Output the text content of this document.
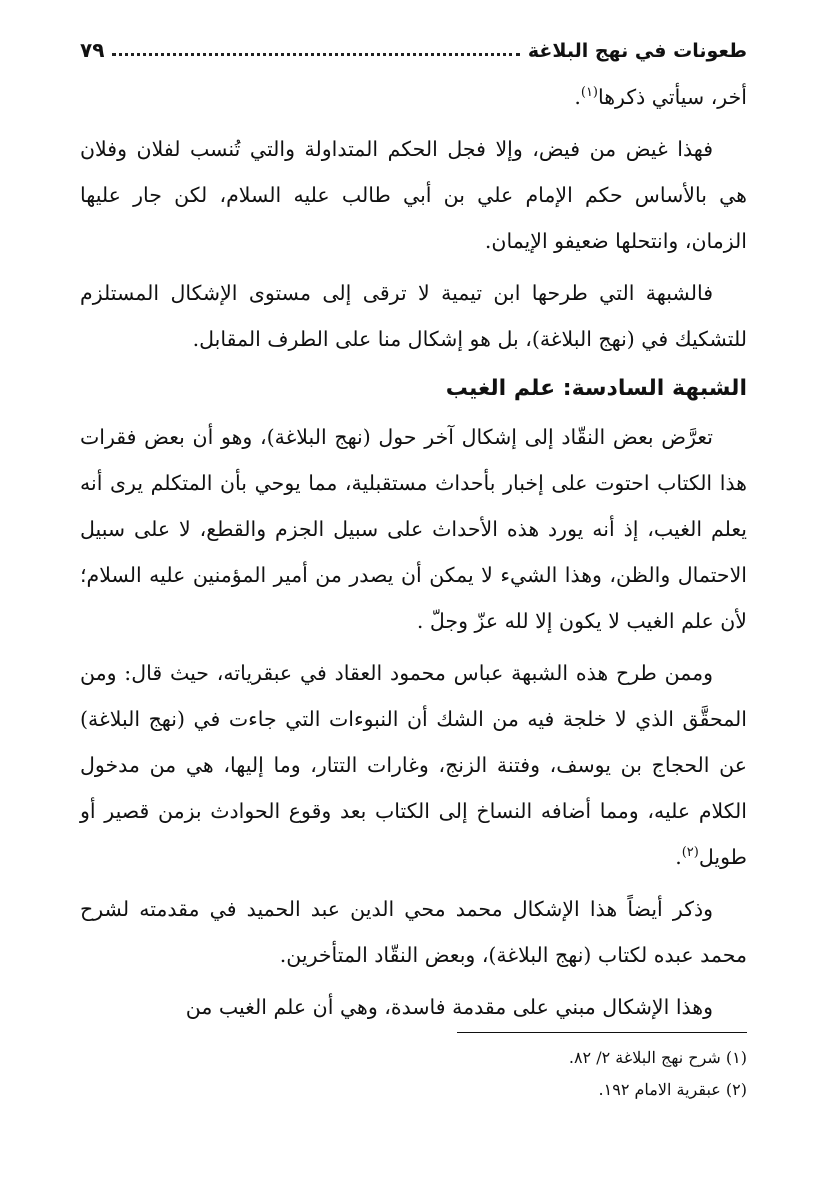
طعونات في نهج البلاغة
٧٩

أخر، سيأتي ذكرها$^{(١)}$.

فهذا غيض من فيض، وإلا فجل الحكم المتداولة والتي تُنسب لفلان وفلان هي بالأساس حكم الإمام علي بن أبي طالب عليه السلام، لكن جار عليها الزمان، وانتحلها ضعيفو الإيمان.

فالشبهة التي طرحها ابن تيمية لا ترقى إلى مستوى الإشكال المستلزم للتشكيك في (نهج البلاغة)، بل هو إشكال منا على الطرف المقابل.

الشبهة السادسة: علم الغيب

تعرَّض بعض النقّاد إلى إشكال آخر حول (نهج البلاغة)، وهو أن بعض فقرات هذا الكتاب احتوت على إخبار بأحداث مستقبلية، مما يوحي بأن المتكلم يرى أنه يعلم الغيب، إذ أنه يورد هذه الأحداث على سبيل الجزم والقطع، لا على سبيل الاحتمال والظن، وهذا الشيء لا يمكن أن يصدر من أمير المؤمنين عليه السلام؛ لأن علم الغيب لا يكون إلا لله عزّ وجلّ .

وممن طرح هذه الشبهة عباس محمود العقاد في عبقرياته، حيث قال: ومن المحقَّق الذي لا خلجة فيه من الشك أن النبوءات التي جاءت في (نهج البلاغة) عن الحجاج بن يوسف، وفتنة الزنج، وغارات التتار، وما إليها، هي من مدخول الكلام عليه، ومما أضافه النساخ إلى الكتاب بعد وقوع الحوادث بزمن قصير أو طويل$^{(٢)}$.

وذكر أيضاً هذا الإشكال محمد محي الدين عبد الحميد في مقدمته لشرح محمد عبده لكتاب (نهج البلاغة)، وبعض النقّاد المتأخرين.

وهذا الإشكال مبني على مقدمة فاسدة، وهي أن علم الغيب من

(١) شرح نهج البلاغة ٢/ ٨٢.

(٢) عبقرية الامام ١٩٢.
